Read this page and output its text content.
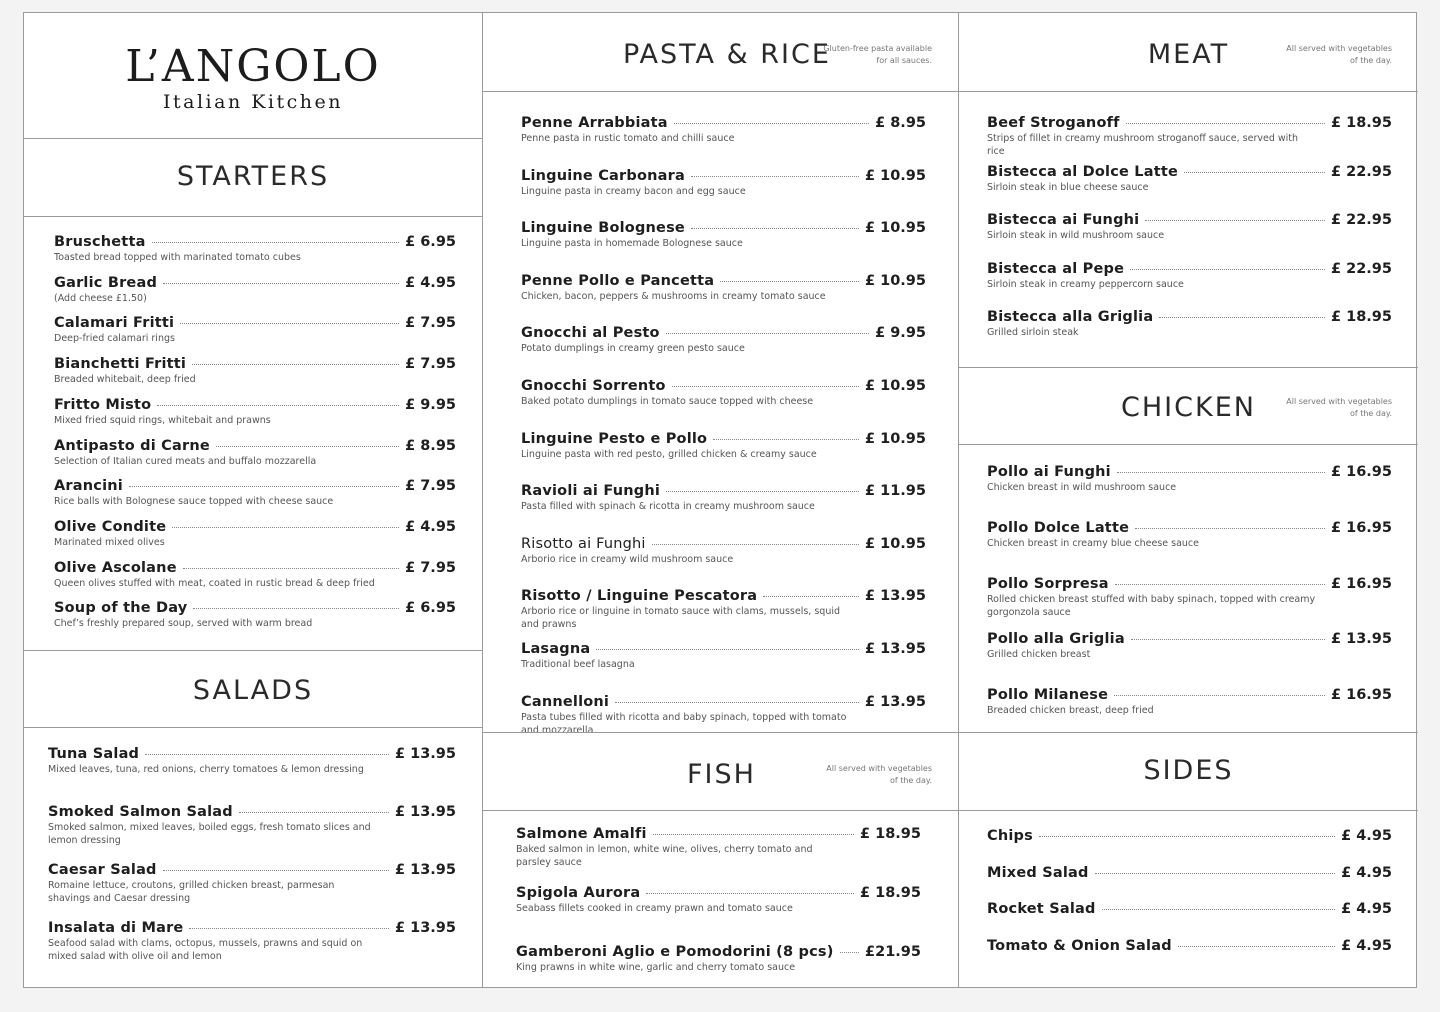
L’ANGOLO
Italian Kitchen
STARTERS
Bruschetta	£ 6.95
Toasted bread topped with marinated tomato cubes
Garlic Bread	£ 4.95
(Add cheese £1.50)
Calamari Fritti	£ 7.95
Deep-fried calamari rings
Bianchetti Fritti	£ 7.95
Breaded whitebait, deep fried
Fritto Misto	£ 9.95
Mixed fried squid rings, whitebait and prawns
Antipasto di Carne	£ 8.95
Selection of Italian cured meats and buffalo mozzarella
Arancini	£ 7.95
Rice balls with Bolognese sauce topped with cheese sauce
Olive Condite	£ 4.95
Marinated mixed olives
Olive Ascolane	£ 7.95
Queen olives stuffed with meat, coated in rustic bread & deep fried
Soup of the Day	£ 6.95
Chef’s freshly prepared soup, served with warm bread
SALADS
Tuna Salad	£ 13.95
Mixed leaves, tuna, red onions, cherry tomatoes & lemon dressing
Smoked Salmon Salad	£ 13.95
Smoked salmon, mixed leaves, boiled eggs, fresh tomato slices and lemon dressing
Caesar Salad	£ 13.95
Romaine lettuce, croutons, grilled chicken breast, parmesan shavings and Caesar dressing
Insalata di Mare	£ 13.95
Seafood salad with clams, octopus, mussels, prawns and squid on mixed salad with olive oil and lemon
PASTA & RICE
Gluten-free pasta available for all sauces.
Penne Arrabbiata	£ 8.95
Penne pasta in rustic tomato and chilli sauce
Linguine Carbonara	£ 10.95
Linguine pasta in creamy bacon and egg sauce
Linguine Bolognese	£ 10.95
Linguine pasta in homemade Bolognese sauce
Penne Pollo e Pancetta	£ 10.95
Chicken, bacon, peppers & mushrooms in creamy tomato sauce
Gnocchi al Pesto	£ 9.95
Potato dumplings in creamy green pesto sauce
Gnocchi Sorrento	£ 10.95
Baked potato dumplings in tomato sauce topped with cheese
Linguine Pesto e Pollo	£ 10.95
Linguine pasta with red pesto, grilled chicken & creamy sauce
Ravioli ai Funghi	£ 11.95
Pasta filled with spinach & ricotta in creamy mushroom sauce
Risotto ai Funghi	£ 10.95
Arborio rice in creamy wild mushroom sauce
Risotto / Linguine Pescatora	£ 13.95
Arborio rice or linguine in tomato sauce with clams, mussels, squid and prawns
Lasagna	£ 13.95
Traditional beef lasagna
Cannelloni	£ 13.95
Pasta tubes filled with ricotta and baby spinach, topped with tomato and mozzarella
FISH	All served with vegetables of the day.
Salmone Amalfi	£ 18.95
Baked salmon in lemon, white wine, olives, cherry tomato and parsley sauce
Spigola Aurora	£ 18.95
Seabass fillets cooked in creamy prawn and tomato sauce
Gamberoni Aglio e Pomodorini (8 pcs) £21.95
King prawns in white wine, garlic and cherry tomato sauce
MEAT	All served with vegetables of the day.
Beef Stroganoff	£ 18.95
Strips of fillet in creamy mushroom stroganoff sauce, served with rice
Bistecca al Dolce Latte	£ 22.95
Sirloin steak in blue cheese sauce
Bistecca ai Funghi	£ 22.95
Sirloin steak in wild mushroom sauce
Bistecca al Pepe	£ 22.95
Sirloin steak in creamy peppercorn sauce
Bistecca alla Griglia	£ 18.95
Grilled sirloin steak
CHICKEN	All served with vegetables of the day.
Pollo ai Funghi	£ 16.95
Chicken breast in wild mushroom sauce
Pollo Dolce Latte	£ 16.95
Chicken breast in creamy blue cheese sauce
Pollo Sorpresa	£ 16.95
Rolled chicken breast stuffed with baby spinach, topped with creamy gorgonzola sauce
Pollo alla Griglia	£ 13.95
Grilled chicken breast
Pollo Milanese	£ 16.95
Breaded chicken breast, deep fried
SIDES
Chips	£ 4.95
Mixed Salad	£ 4.95
Rocket Salad	£ 4.95
Tomato & Onion Salad	£ 4.95
